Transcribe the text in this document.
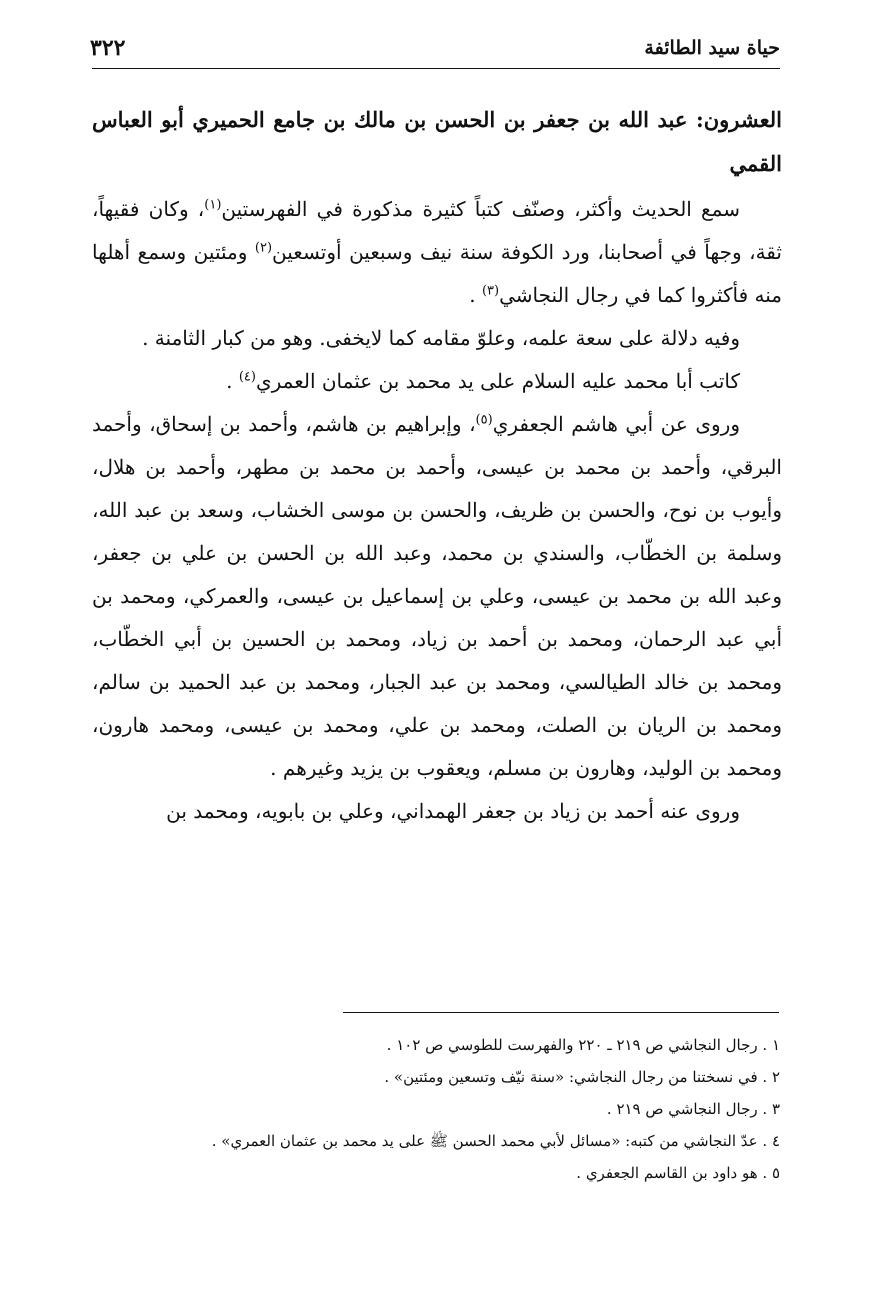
حياة سيد الطائفة
٣٢٢

العشرون: عبد الله بن جعفر بن الحسن بن مالك بن جامع الحميري أبو العباس القمي

سمع الحديث وأكثر، وصنّف كتباً كثيرة مذكورة في الفهرستين$^{(١)}$، وكان فقيهاً، ثقة، وجهاً في أصحابنا، ورد الكوفة سنة نيف وسبعين أوتسعين$^{(٢)}$ ومئتين وسمع أهلها منه فأكثروا كما في رجال النجاشي$^{(٣)}$ .

وفيه دلالة على سعة علمه، وعلوّ مقامه كما لايخفى. وهو من كبار الثامنة .

كاتب أبا محمد عليه السلام على يد محمد بن عثمان العمري$^{(٤)}$ .

وروى عن أبي هاشم الجعفري$^{(٥)}$، وإبراهيم بن هاشم، وأحمد بن إسحاق، وأحمد البرقي، وأحمد بن محمد بن عيسى، وأحمد بن محمد بن مطهر، وأحمد بن هلال، وأيوب بن نوح، والحسن بن ظريف، والحسن بن موسى الخشاب، وسعد بن عبد الله، وسلمة بن الخطّاب، والسندي بن محمد، وعبد الله بن الحسن بن علي بن جعفر، وعبد الله بن محمد بن عيسى، وعلي بن إسماعيل بن عيسى، والعمركي، ومحمد بن أبي عبد الرحمان، ومحمد بن أحمد بن زياد، ومحمد بن الحسين بن أبي الخطّاب، ومحمد بن خالد الطيالسي، ومحمد بن عبد الجبار، ومحمد بن عبد الحميد بن سالم، ومحمد بن الريان بن الصلت، ومحمد بن علي، ومحمد بن عيسى، ومحمد هارون، ومحمد بن الوليد، وهارون بن مسلم، ويعقوب بن يزيد وغيرهم .

وروى عنه أحمد بن زياد بن جعفر الهمداني، وعلي بن بابويه، ومحمد بن

١ . رجال النجاشي ص ٢١٩ ـ ٢٢٠ والفهرست للطوسي ص ١٠٢ .

٢ . في نسختنا من رجال النجاشي: «سنة نيّف وتسعين ومئتين» .

٣ . رجال النجاشي ص ٢١٩ .

٤ . عدّ النجاشي من كتبه: «مسائل لأبي محمد الحسن ﷺ على يد محمد بن عثمان العمري» .

٥ . هو داود بن القاسم الجعفري .
